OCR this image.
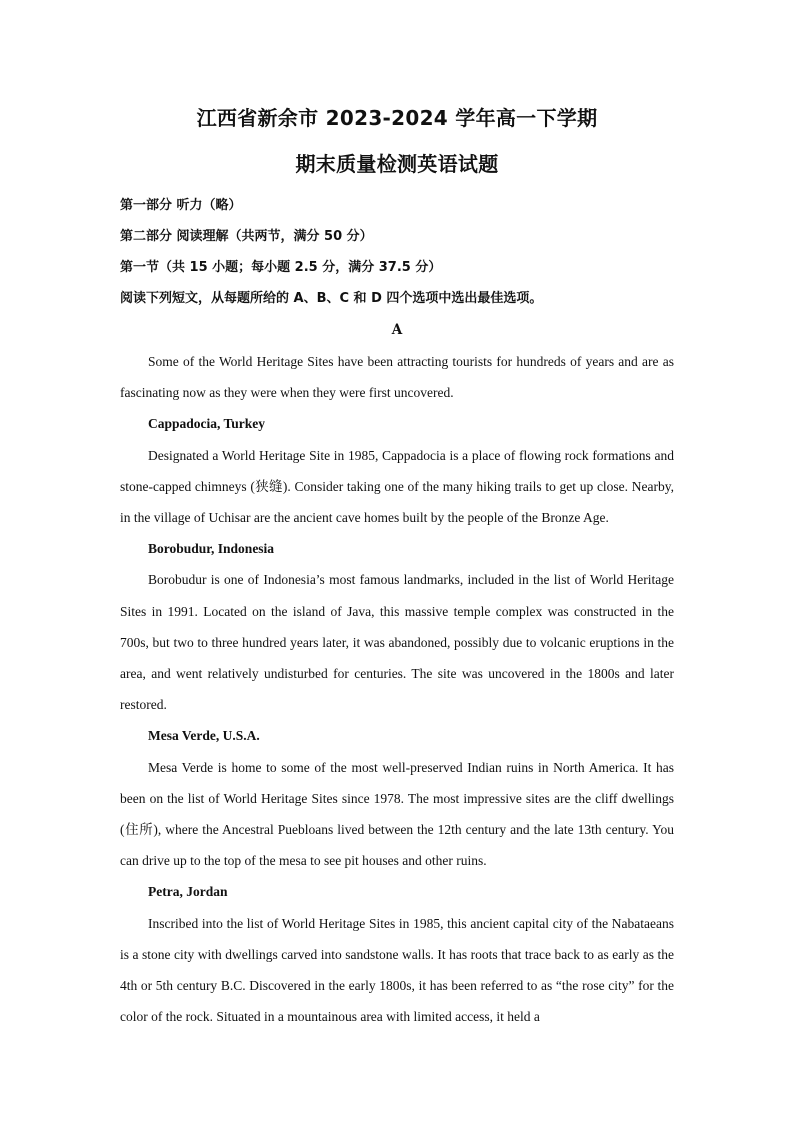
江西省新余市 2023-2024 学年高一下学期
期末质量检测英语试题

第一部分 听力（略）

第二部分 阅读理解（共两节，满分 50 分）

第一节（共 15 小题；每小题 2.5 分，满分 37.5 分）

阅读下列短文，从每题所给的 A、B、C 和 D 四个选项中选出最佳选项。

A

Some of the World Heritage Sites have been attracting tourists for hundreds of years and are as fascinating now as they were when they were first uncovered.

Cappadocia, Turkey

Designated a World Heritage Site in 1985, Cappadocia is a place of flowing rock formations and stone-capped chimneys (狭缝). Consider taking one of the many hiking trails to get up close. Nearby, in the village of Uchisar are the ancient cave homes built by the people of the Bronze Age.

Borobudur, Indonesia

Borobudur is one of Indonesia’s most famous landmarks, included in the list of World Heritage Sites in 1991. Located on the island of Java, this massive temple complex was constructed in the 700s, but two to three hundred years later, it was abandoned, possibly due to volcanic eruptions in the area, and went relatively undisturbed for centuries. The site was uncovered in the 1800s and later restored.

Mesa Verde, U.S.A.

Mesa Verde is home to some of the most well-preserved Indian ruins in North America. It has been on the list of World Heritage Sites since 1978. The most impressive sites are the cliff dwellings (住所), where the Ancestral Puebloans lived between the 12th century and the late 13th century. You can drive up to the top of the mesa to see pit houses and other ruins.

Petra, Jordan

Inscribed into the list of World Heritage Sites in 1985, this ancient capital city of the Nabataeans is a stone city with dwellings carved into sandstone walls. It has roots that trace back to as early as the 4th or 5th century B.C. Discovered in the early 1800s, it has been referred to as “the rose city” for the color of the rock. Situated in a mountainous area with limited access, it held a
